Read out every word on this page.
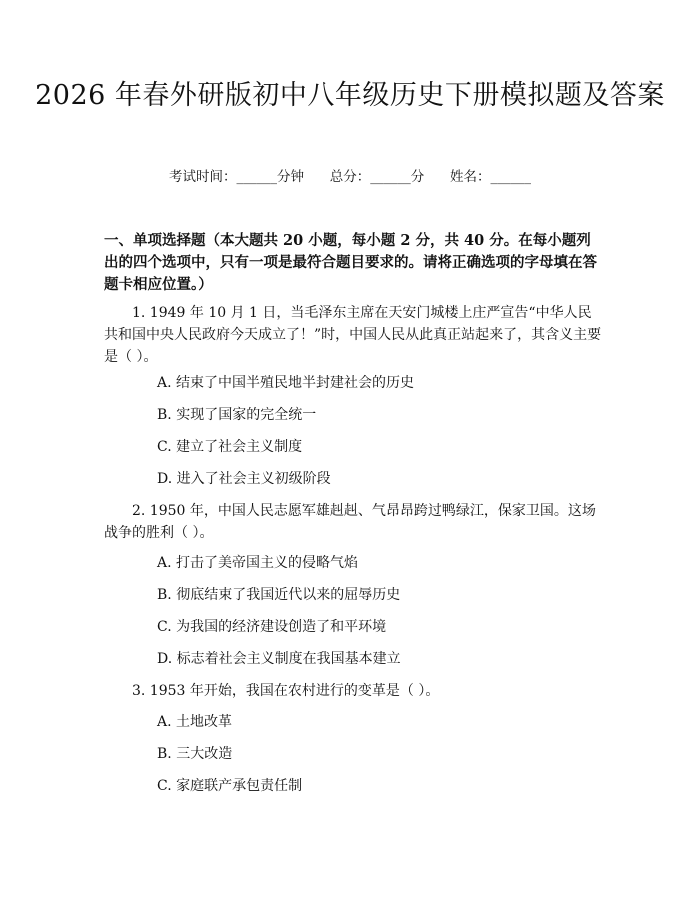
2026 年春外研版初中八年级历史下册模拟题及答案
考试时间：______分钟      总分：______分      姓名：______
一、单项选择题（本大题共 20 小题，每小题 2 分，共 40 分。在每小题列出的四个选项中，只有一项是最符合题目要求的。请将正确选项的字母填在答题卡相应位置。）
1. 1949 年 10 月 1 日，当毛泽东主席在天安门城楼上庄严宣告“中华人民共和国中央人民政府今天成立了！”时，中国人民从此真正站起来了，其含义主要是（ ）。
A. 结束了中国半殖民地半封建社会的历史
B. 实现了国家的完全统一
C. 建立了社会主义制度
D. 进入了社会主义初级阶段
2. 1950 年，中国人民志愿军雄赳赳、气昂昂跨过鸭绿江，保家卫国。这场战争的胜利（ ）。
A. 打击了美帝国主义的侵略气焰
B. 彻底结束了我国近代以来的屈辱历史
C. 为我国的经济建设创造了和平环境
D. 标志着社会主义制度在我国基本建立
3. 1953 年开始，我国在农村进行的变革是（ ）。
A. 土地改革
B. 三大改造
C. 家庭联产承包责任制
